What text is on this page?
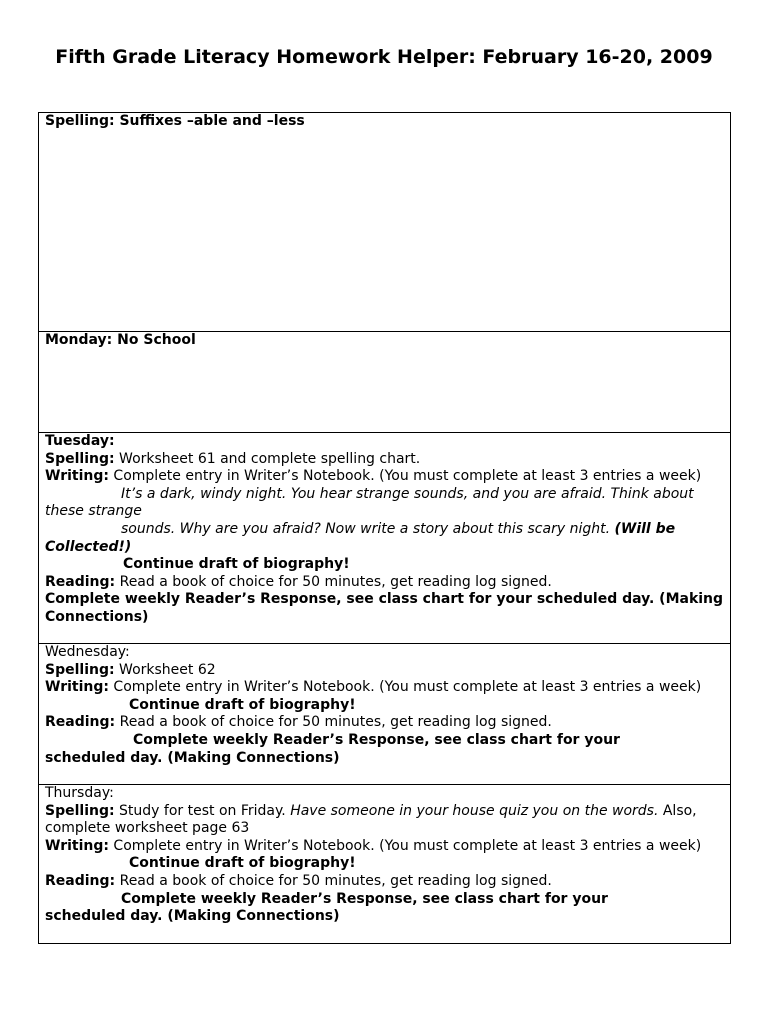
Fifth Grade Literacy Homework Helper: February 16-20, 2009
Spelling: Suffixes –able and –less

Monday: No School

Tuesday:
Spelling: Worksheet 61 and complete spelling chart.
Writing: Complete entry in Writer’s Notebook. (You must complete at least 3 entries a week)
It’s a dark, windy night. You hear strange sounds, and you are afraid. Think about these strange
sounds. Why are you afraid? Now write a story about this scary night. (Will be Collected!)
Continue draft of biography!
Reading: Read a book of choice for 50 minutes, get reading log signed.
Complete weekly Reader’s Response, see class chart for your scheduled day. (Making Connections)

Wednesday:
Spelling: Worksheet 62
Writing: Complete entry in Writer’s Notebook. (You must complete at least 3 entries a week)
Continue draft of biography!
Reading: Read a book of choice for 50 minutes, get reading log signed.
Complete weekly Reader’s Response, see class chart for your
scheduled day. (Making Connections)

Thursday:
Spelling: Study for test on Friday. Have someone in your house quiz you on the words. Also, complete worksheet page 63
Writing: Complete entry in Writer’s Notebook. (You must complete at least 3 entries a week)
Continue draft of biography!
Reading: Read a book of choice for 50 minutes, get reading log signed.
Complete weekly Reader’s Response, see class chart for your
scheduled day. (Making Connections)
